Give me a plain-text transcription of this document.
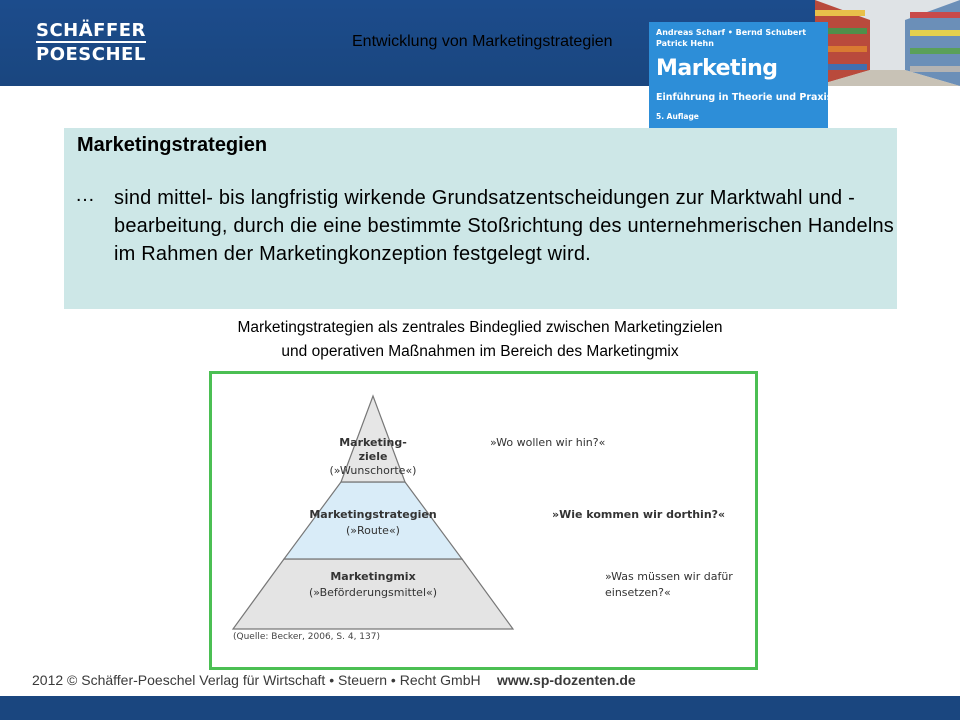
SCHÄFFER
POESCHEL
Entwicklung von Marketingstrategien
Andreas Scharf • Bernd Schubert
Patrick Hehn
Marketing
Einführung in Theorie und Praxis
5. Auflage
Marketingstrategien
… sind mittel- bis langfristig wirkende Grundsatzentscheidungen zur Marktwahl und -bearbeitung, durch die eine bestimmte Stoßrichtung des unternehmerischen Handelns im Rahmen der Marketingkonzeption festgelegt wird.
Marketingstrategien als zentrales Bindeglied zwischen Marketingzielen
und operativen Maßnahmen im Bereich des Marketingmix
Marketing-
ziele
(»Wunschorte«)
Marketingstrategien
(»Route«)
Marketingmix
(»Beförderungsmittel«)
»Wo wollen wir hin?«
»Wie kommen wir dorthin?«
»Was müssen wir dafür
einsetzen?«
(Quelle: Becker, 2006, S. 4, 137)
2012 © Schäffer-Poeschel Verlag für Wirtschaft • Steuern • Recht GmbH www.sp-dozenten.de
